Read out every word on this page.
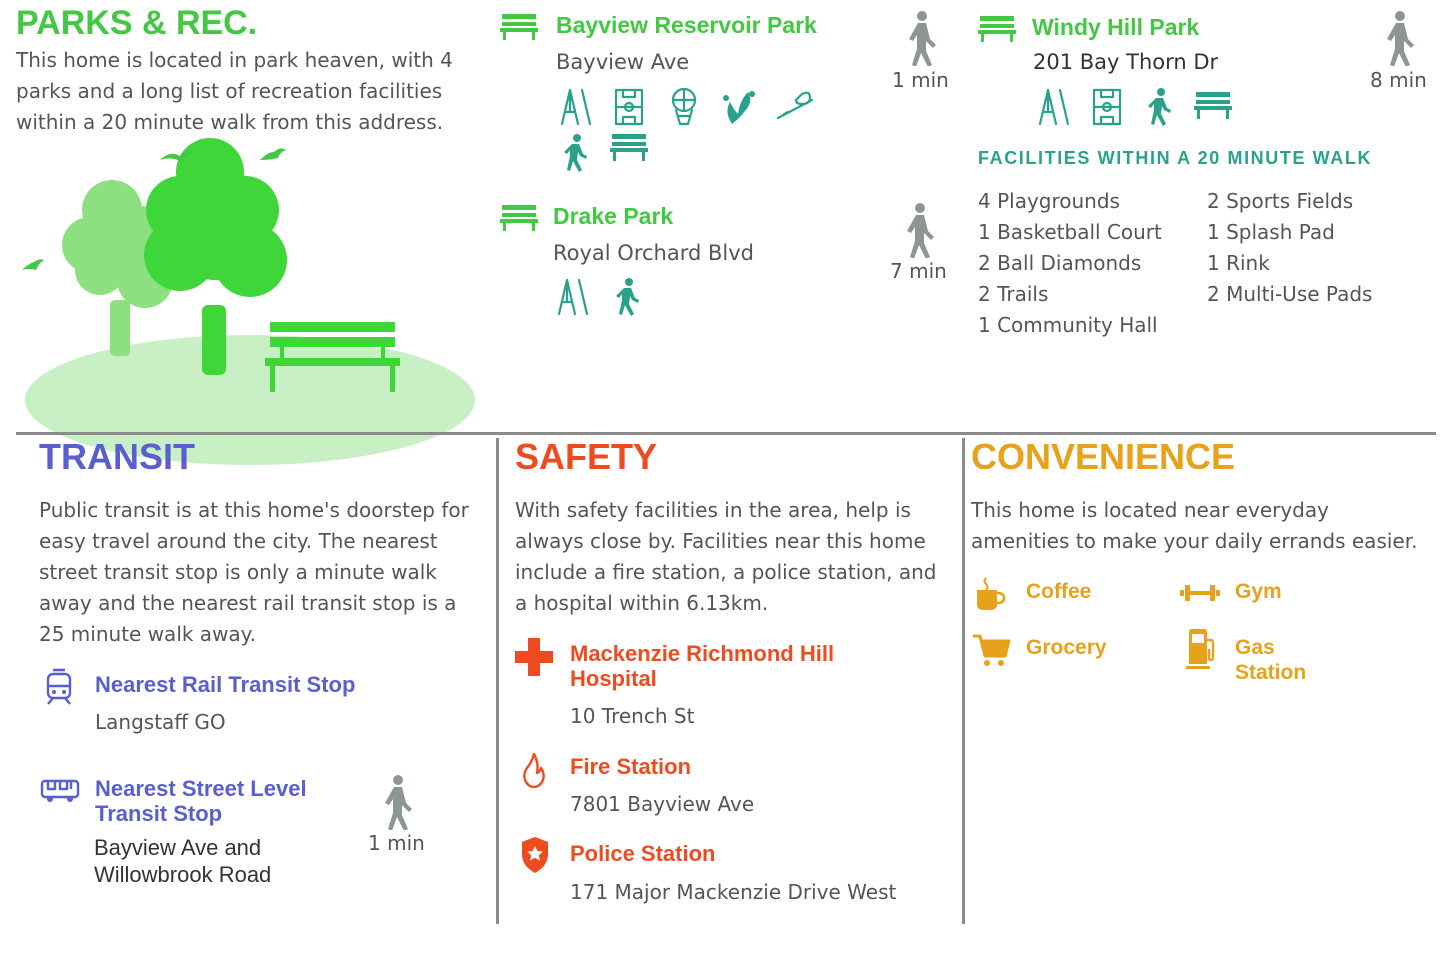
PARKS & REC.
This home is located in park heaven, with 4 parks and a long list of recreation facilities within a 20 minute walk from this address.
Bayview Reservoir Park
Bayview Ave
1 min
Drake Park
Royal Orchard Blvd
7 min
Windy Hill Park
201 Bay Thorn Dr
8 min
FACILITIES WITHIN A 20 MINUTE WALK
4 Playgrounds
1 Basketball Court
2 Ball Diamonds
2 Trails
1 Community Hall
2 Sports Fields
1 Splash Pad
1 Rink
2 Multi-Use Pads
TRANSIT
Public transit is at this home's doorstep for easy travel around the city. The nearest street transit stop is only a minute walk away and the nearest rail transit stop is a 25 minute walk away.
Nearest Rail Transit Stop
Langstaff GO
Nearest Street Level
Transit Stop
Bayview Ave and
Willowbrook Road
1 min
SAFETY
With safety facilities in the area, help is always close by. Facilities near this home include a fire station, a police station, and a hospital within 6.13km.
Mackenzie Richmond Hill
Hospital
10 Trench St
Fire Station
7801 Bayview Ave
Police Station
171 Major Mackenzie Drive West
CONVENIENCE
This home is located near everyday amenities to make your daily errands easier.
Coffee	Gym
Grocery	Gas
Station
